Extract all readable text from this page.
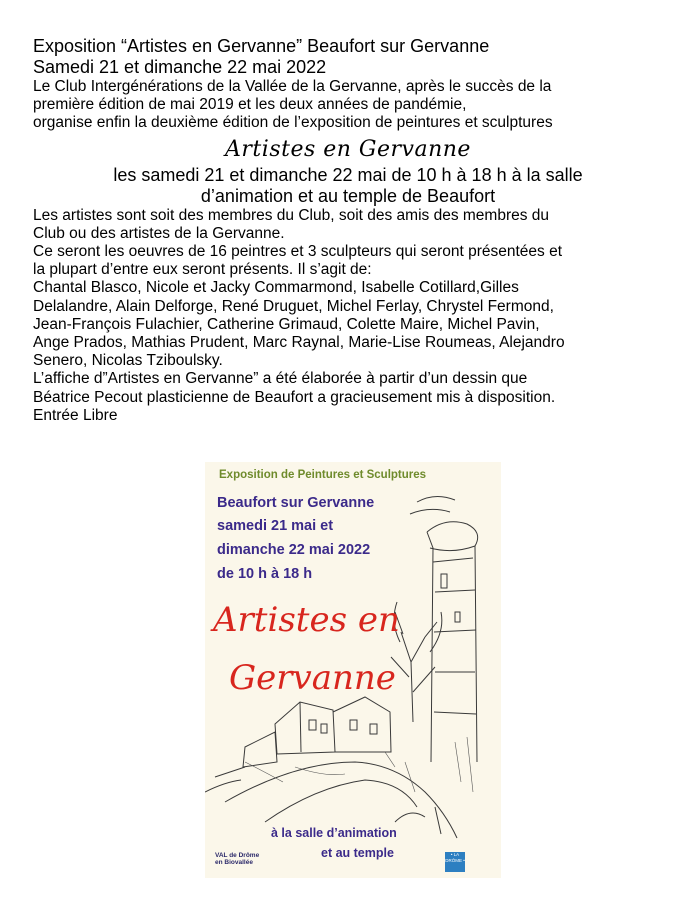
Exposition “Artistes en Gervanne” Beaufort sur Gervanne

Samedi 21 et dimanche 22 mai 2022

Le Club Intergénérations de la Vallée de la Gervanne, après le succès de la

première édition de mai 2019 et les deux années de pandémie,

organise enfin la deuxième édition de l’exposition de peintures et sculptures

Artistes en Gervanne

les samedi 21 et dimanche 22 mai de 10 h à 18 h à la salle

d’animation et au temple de Beaufort

Les artistes sont soit des membres du Club, soit des amis des membres du

Club ou des artistes de la Gervanne.

Ce seront les oeuvres de 16 peintres et 3 sculpteurs qui seront présentées et

la plupart d’entre eux seront présents. Il s’agit de:

Chantal Blasco, Nicole et Jacky Commarmond, Isabelle Cotillard,Gilles

Delalandre, Alain Delforge, René Druguet, Michel Ferlay, Chrystel Fermond,

Jean-François Fulachier, Catherine Grimaud, Colette Maire, Michel Pavin,

Ange Prados, Mathias Prudent, Marc Raynal, Marie-Lise Roumeas, Alejandro

Senero, Nicolas Tziboulsky.

L’affiche d”Artistes en Gervanne” a été élaborée à partir d’un dessin que

Béatrice Pecout plasticienne de Beaufort a gracieusement mis à disposition.

Entrée Libre

Exposition de Peintures et Sculptures
Beaufort sur Gervanne
samedi 21 mai et
dimanche 22 mai 2022
de 10 h à 18 h
Artistes en
Gervanne
à la salle d’animation
et au temple
VAL de Drôme
en Biovallée
• LA DRÔME •
